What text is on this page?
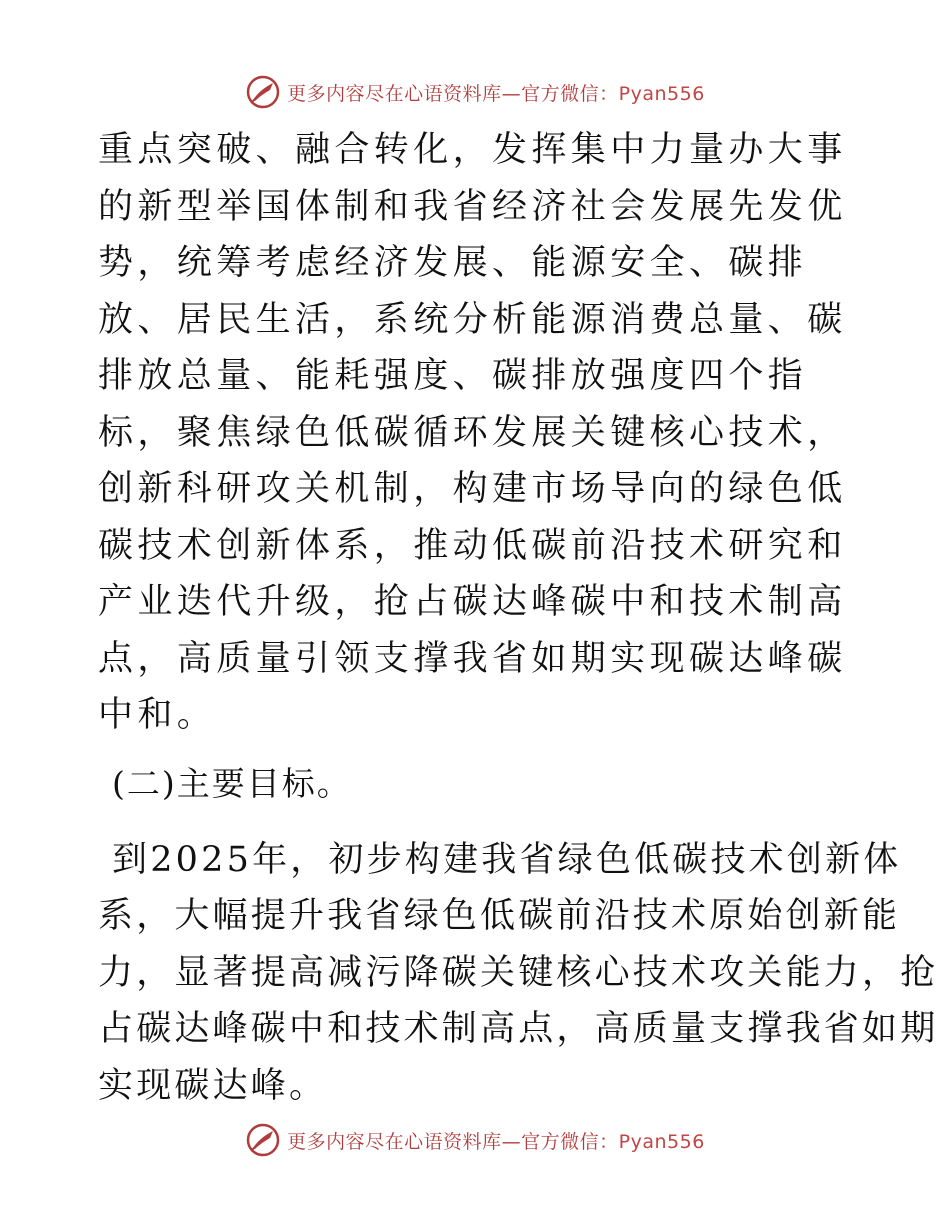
更多内容尽在心语资料库—官方微信：Pyan556

重点突破、融合转化，发挥集中力量办大事的新型举国体制和我省经济社会发展先发优势，统筹考虑经济发展、能源安全、碳排放、居民生活，系统分析能源消费总量、碳排放总量、能耗强度、碳排放强度四个指标，聚焦绿色低碳循环发展关键核心技术，创新科研攻关机制，构建市场导向的绿色低碳技术创新体系，推动低碳前沿技术研究和产业迭代升级，抢占碳达峰碳中和技术制高点，高质量引领支撑我省如期实现碳达峰碳中和。

(二)主要目标。

到2025年，初步构建我省绿色低碳技术创新体
系，大幅提升我省绿色低碳前沿技术原始创新能
力，显著提高减污降碳关键核心技术攻关能力，抢
占碳达峰碳中和技术制高点，高质量支撑我省如期
实现碳达峰。

更多内容尽在心语资料库—官方微信：Pyan556
